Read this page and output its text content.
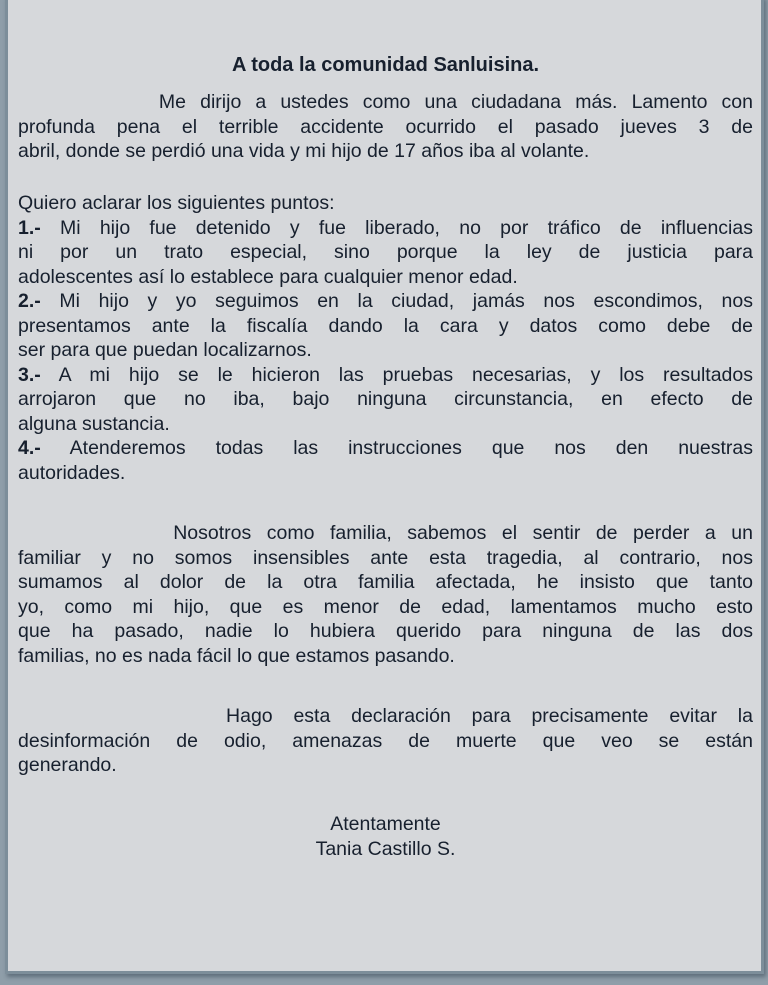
A toda la comunidad Sanluisina.
Me dirijo a ustedes como una ciudadana más. Lamento con
profunda pena el terrible accidente ocurrido el pasado jueves 3 de
abril, donde se perdió una vida y mi hijo de 17 años iba al volante.
Quiero aclarar los siguientes puntos:
1.- Mi hijo fue detenido y fue liberado, no por tráfico de influencias
ni por un trato especial, sino porque la ley de justicia para
adolescentes así lo establece para cualquier menor edad.
2.- Mi hijo y yo seguimos en la ciudad, jamás nos escondimos, nos
presentamos ante la fiscalía dando la cara y datos como debe de
ser para que puedan localizarnos.
3.- A mi hijo se le hicieron las pruebas necesarias, y los resultados
arrojaron que no iba, bajo ninguna circunstancia, en efecto de
alguna sustancia.
4.- Atenderemos todas las instrucciones que nos den nuestras
autoridades.
Nosotros como familia, sabemos el sentir de perder a un
familiar y no somos insensibles ante esta tragedia, al contrario, nos
sumamos al dolor de la otra familia afectada, he insisto que tanto
yo, como mi hijo, que es menor de edad, lamentamos mucho esto
que ha pasado, nadie lo hubiera querido para ninguna de las dos
familias, no es nada fácil lo que estamos pasando.
Hago esta declaración para precisamente evitar la
desinformación de odio, amenazas de muerte que veo se están
generando.
Atentamente
Tania Castillo S.
